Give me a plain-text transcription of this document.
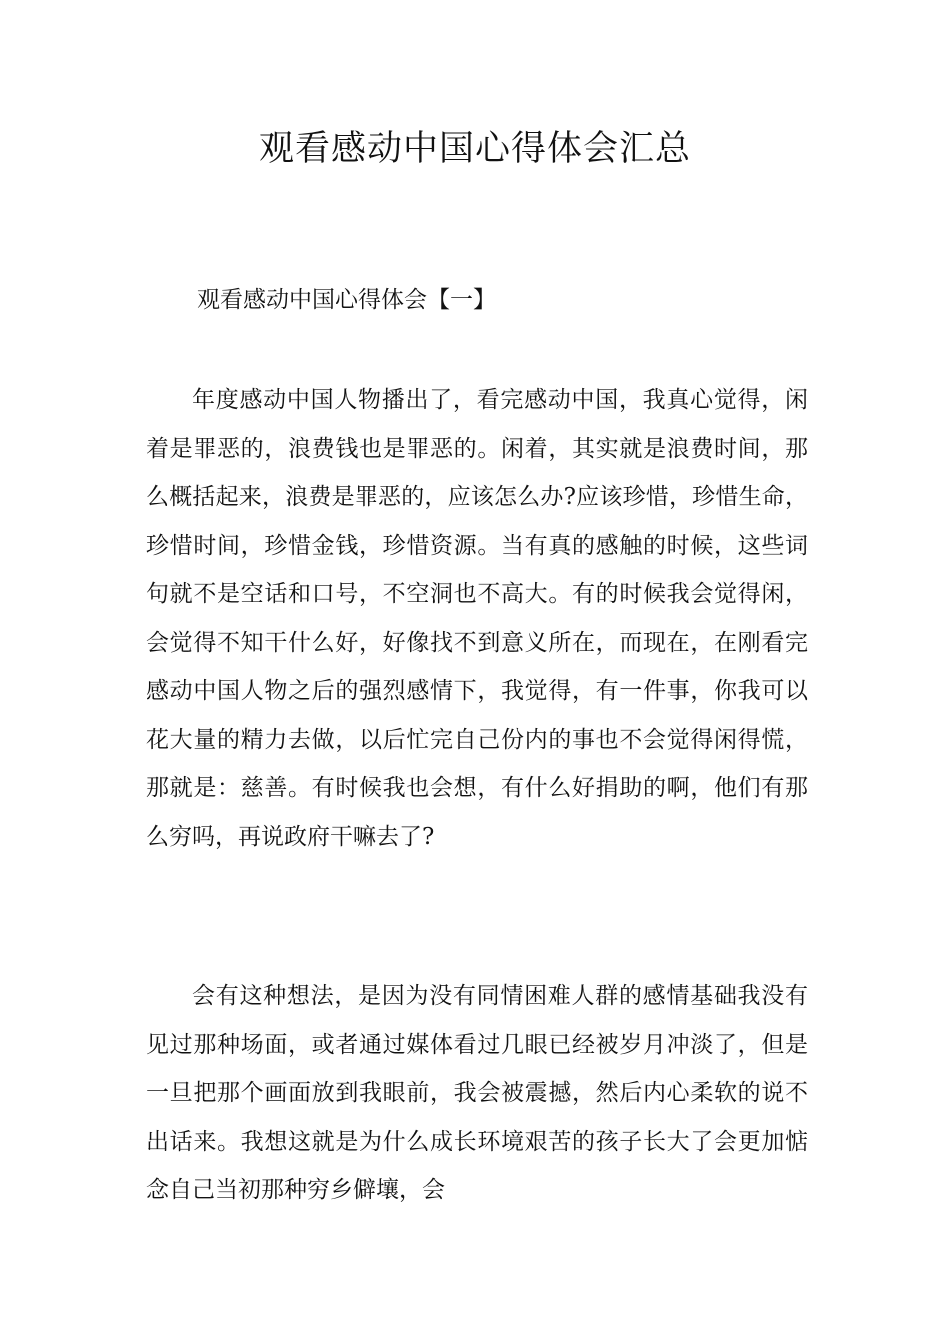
观看感动中国心得体会汇总
观看感动中国心得体会【一】

年度感动中国人物播出了，看完感动中国，我真心觉得，闲着是罪恶的，浪费钱也是罪恶的。闲着，其实就是浪费时间，那么概括起来，浪费是罪恶的，应该怎么办?应该珍惜，珍惜生命，珍惜时间，珍惜金钱，珍惜资源。当有真的感触的时候，这些词句就不是空话和口号，不空洞也不高大。有的时候我会觉得闲，会觉得不知干什么好，好像找不到意义所在，而现在，在刚看完感动中国人物之后的强烈感情下，我觉得，有一件事，你我可以花大量的精力去做，以后忙完自己份内的事也不会觉得闲得慌，那就是：慈善。有时候我也会想，有什么好捐助的啊，他们有那么穷吗，再说政府干嘛去了?

会有这种想法，是因为没有同情困难人群的感情基础我没有见过那种场面，或者通过媒体看过几眼已经被岁月冲淡了，但是一旦把那个画面放到我眼前，我会被震撼，然后内心柔软的说不出话来。我想这就是为什么成长环境艰苦的孩子长大了会更加惦念自己当初那种穷乡僻壤，会
